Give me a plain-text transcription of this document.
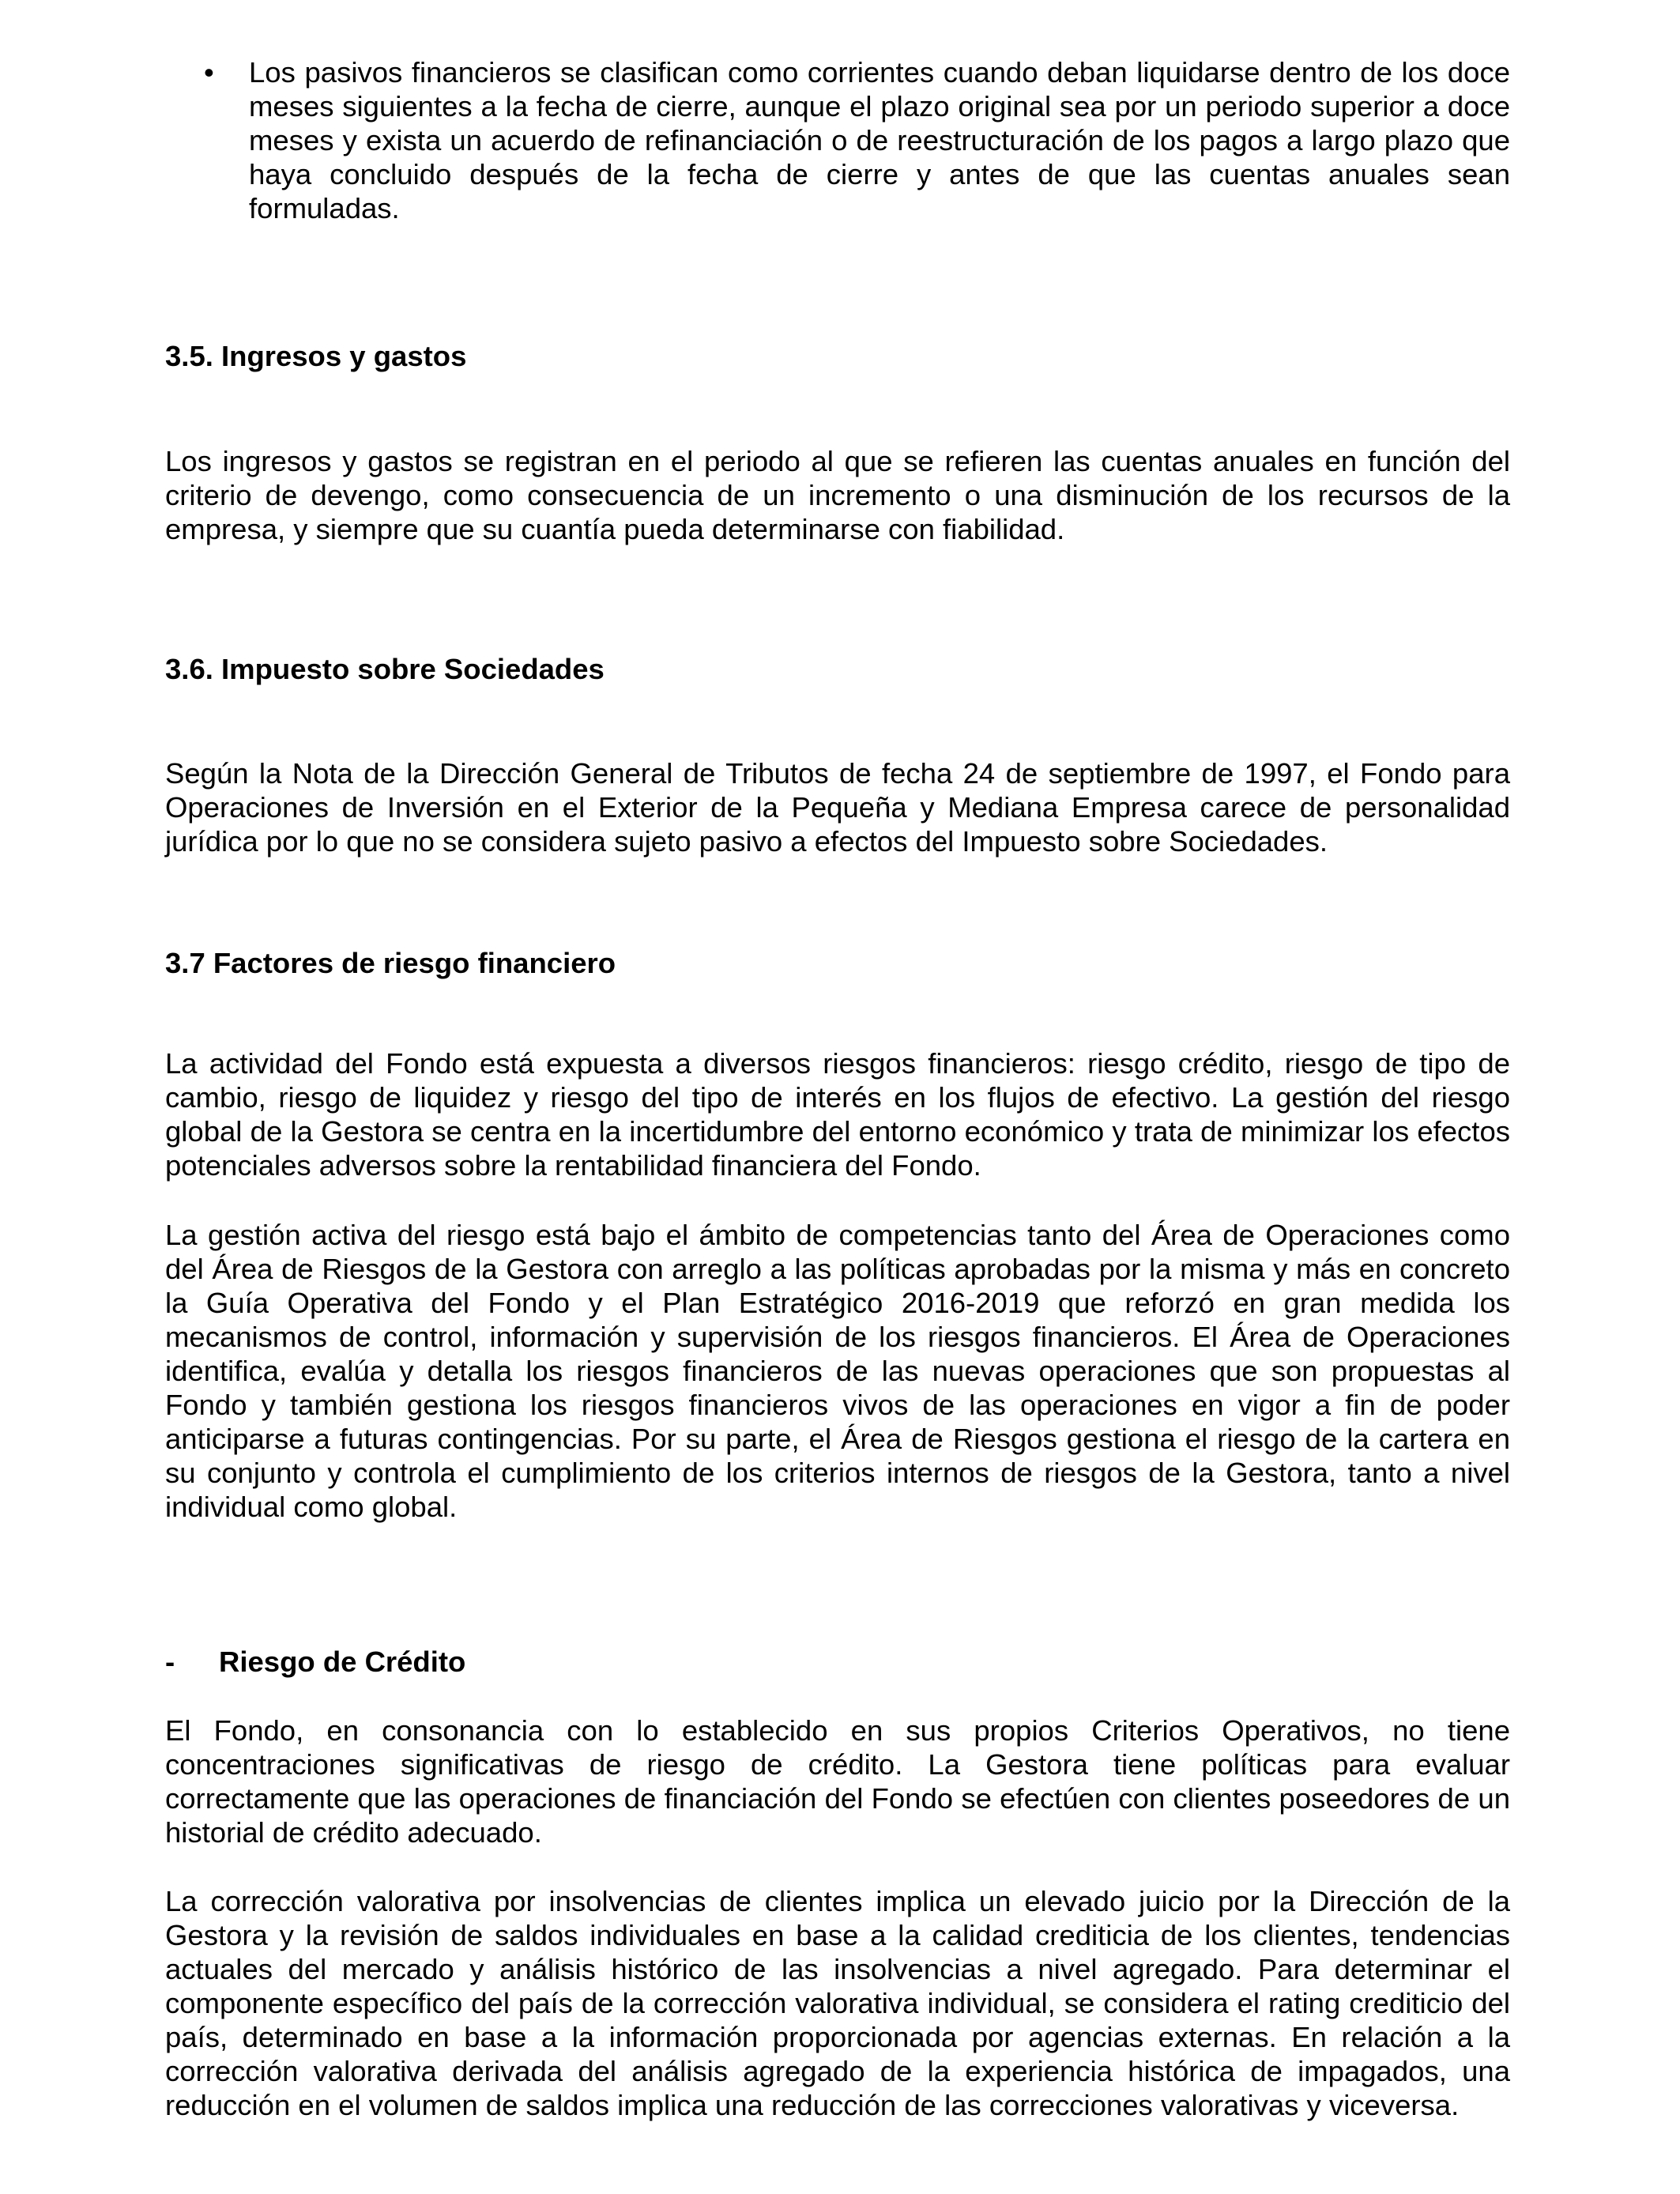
• Los pasivos financieros se clasifican como corrientes cuando deban liquidarse dentro de los doce meses siguientes a la fecha de cierre, aunque el plazo original sea por un periodo superior a doce meses y exista un acuerdo de refinanciación o de reestructuración de los pagos a largo plazo que haya concluido después de la fecha de cierre y antes de que las cuentas anuales sean formuladas.
3.5. Ingresos y gastos
Los ingresos y gastos se registran en el periodo al que se refieren las cuentas anuales en función del criterio de devengo, como consecuencia de un incremento o una disminución de los recursos de la empresa, y siempre que su cuantía pueda determinarse con fiabilidad.
3.6. Impuesto sobre Sociedades
Según la Nota de la Dirección General de Tributos de fecha 24 de septiembre de 1997, el Fondo para Operaciones de Inversión en el Exterior de la Pequeña y Mediana Empresa carece de personalidad jurídica por lo que no se considera sujeto pasivo a efectos del Impuesto sobre Sociedades.
3.7 Factores de riesgo financiero
La actividad del Fondo está expuesta a diversos riesgos financieros: riesgo crédito, riesgo de tipo de cambio, riesgo de liquidez y riesgo del tipo de interés en los flujos de efectivo. La gestión del riesgo global de la Gestora se centra en la incertidumbre del entorno económico y trata de minimizar los efectos potenciales adversos sobre la rentabilidad financiera del Fondo.
La gestión activa del riesgo está bajo el ámbito de competencias tanto del Área de Operaciones como del Área de Riesgos de la Gestora con arreglo a las políticas aprobadas por la misma y más en concreto la Guía Operativa del Fondo y el Plan Estratégico 2016-2019 que reforzó en gran medida los mecanismos de control, información y supervisión de los riesgos financieros. El Área de Operaciones identifica, evalúa y detalla los riesgos financieros de las nuevas operaciones que son propuestas al Fondo y también gestiona los riesgos financieros vivos de las operaciones en vigor a fin de poder anticiparse a futuras contingencias. Por su parte, el Área de Riesgos gestiona el riesgo de la cartera en su conjunto y controla el cumplimiento de los criterios internos de riesgos de la Gestora, tanto a nivel individual como global.
- Riesgo de Crédito
El Fondo, en consonancia con lo establecido en sus propios Criterios Operativos, no tiene concentraciones significativas de riesgo de crédito. La Gestora tiene políticas para evaluar correctamente que las operaciones de financiación del Fondo se efectúen con clientes poseedores de un historial de crédito adecuado.
La corrección valorativa por insolvencias de clientes implica un elevado juicio por la Dirección de la Gestora y la revisión de saldos individuales en base a la calidad crediticia de los clientes, tendencias actuales del mercado y análisis histórico de las insolvencias a nivel agregado. Para determinar el componente específico del país de la corrección valorativa individual, se considera el rating crediticio del país, determinado en base a la información proporcionada por agencias externas. En relación a la corrección valorativa derivada del análisis agregado de la experiencia histórica de impagados, una reducción en el volumen de saldos implica una reducción de las correcciones valorativas y viceversa.
